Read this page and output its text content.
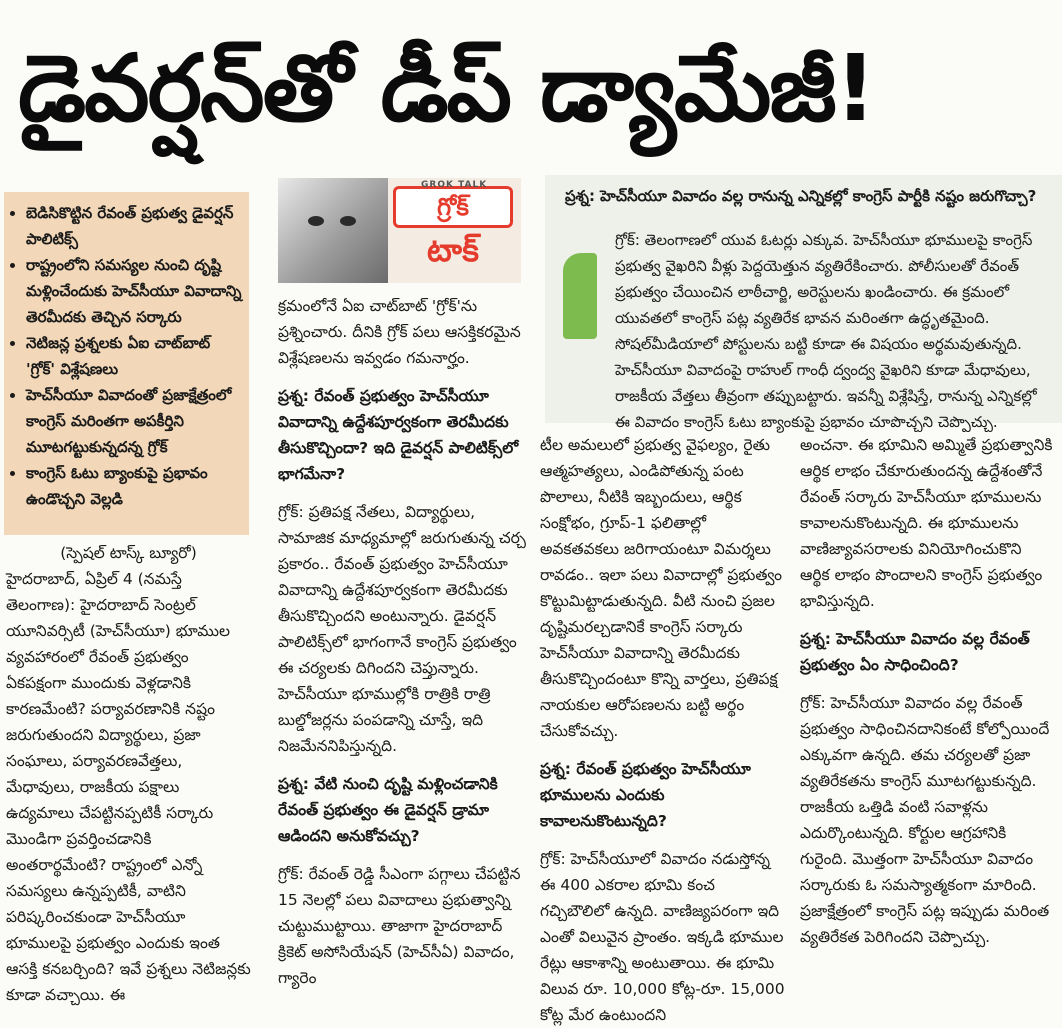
డైవర్షన్‌తో డీప్ డ్యామేజీ!
• బెడిసికొట్టిన రేవంత్ ప్రభుత్వ డైవర్షన్ పాలిటిక్స్
• రాష్ట్రంలోని సమస్యల నుంచి దృష్టి మళ్లించేందుకు హెచ్‌సీయూ వివాదాన్ని తెరమీదకు తెచ్చిన సర్కారు
• నెటిజన్ల ప్రశ్నలకు ఏఐ చాట్‌బాట్ 'గ్రోక్' విశ్లేషణలు
• హెచ్‌సీయూ వివాదంతో ప్రజాక్షేత్రంలో కాంగ్రెస్ మరింతగా అపకీర్తిని మూటగట్టుకున్నదన్న గ్రోక్
• కాంగ్రెస్ ఓటు బ్యాంకుపై ప్రభావం ఉండొచ్చని వెల్లడి

(స్పెషల్ టాస్క్ బ్యూరో)

హైదరాబాద్, ఏప్రిల్ 4 (నమస్తే తెలంగాణ): హైదరాబాద్ సెంట్రల్ యూనివర్సిటీ (హెచ్‌సీయూ) భూముల వ్యవహారంలో రేవంత్ ప్రభుత్వం ఏకపక్షంగా ముందుకు వెళ్లడానికి కారణమేంటి? పర్యావరణానికి నష్టం జరుగుతుందని విద్యార్థులు, ప్రజా సంఘాలు, పర్యావరణవేత్తలు, మేధావులు, రాజకీయ పక్షాలు ఉద్యమాలు చేపట్టినప్పటికీ సర్కారు మొండిగా ప్రవర్తించడానికి అంతరార్థమేంటి? రాష్ట్రంలో ఎన్నో సమస్యలు ఉన్నప్పటికీ, వాటిని పరిష్కరించకుండా హెచ్‌సీయూ భూములపై ప్రభుత్వం ఎందుకు ఇంత ఆసక్తి కనబర్చింది? ఇవే ప్రశ్నలు నెటిజన్లకు కూడా వచ్చాయి. ఈ

GROK TALK
గ్రోక్
టాక్

క్రమంలోనే ఏఐ చాట్‌బాట్ 'గ్రోక్'ను ప్రశ్నించారు. దీనికి గ్రోక్ పలు ఆసక్తికరమైన విశ్లేషణలను ఇవ్వడం గమనార్హం.

ప్రశ్న: రేవంత్ ప్రభుత్వం హెచ్‌సీయూ వివాదాన్ని ఉద్దేశపూర్వకంగా తెరమీదకు తీసుకొచ్చిందా? ఇది డైవర్షన్ పాలిటిక్స్‌లో భాగమేనా?

గ్రోక్: ప్రతిపక్ష నేతలు, విద్యార్థులు, సామాజిక మాధ్యమాల్లో జరుగుతున్న చర్చ ప్రకారం.. రేవంత్ ప్రభుత్వం హెచ్‌సీయూ వివాదాన్ని ఉద్దేశపూర్వకంగా తెరమీదకు తీసుకొచ్చిందని అంటున్నారు. డైవర్షన్ పాలిటిక్స్‌లో భాగంగానే కాంగ్రెస్ ప్రభుత్వం ఈ చర్యలకు దిగిందని చెప్తున్నారు. హెచ్‌సీయూ భూముల్లోకి రాత్రికి రాత్రి బుల్డోజర్లను పంపడాన్ని చూస్తే, ఇది నిజమేననిపిస్తున్నది.

ప్రశ్న: వేటి నుంచి దృష్టి మళ్లించడానికి రేవంత్ ప్రభుత్వం ఈ డైవర్షన్ డ్రామా ఆడిందని అనుకోవచ్చు?

గ్రోక్: రేవంత్ రెడ్డి సీఎంగా పగ్గాలు చేపట్టిన 15 నెలల్లో పలు వివాదాలు ప్రభుత్వాన్ని చుట్టుముట్టాయి. తాజాగా హైదరాబాద్ క్రికెట్ అసోసియేషన్ (హెచ్‌సీఏ) వివాదం, గ్యారెం

ప్రశ్న: హెచ్‌సీయూ వివాదం వల్ల రానున్న ఎన్నికల్లో కాంగ్రెస్ పార్టీకి నష్టం జరుగొచ్చా?

గ్రోక్: తెలంగాణలో యువ ఓటర్లు ఎక్కువ. హెచ్‌సీయూ భూములపై కాంగ్రెస్ ప్రభుత్వ వైఖరిని వీళ్లు పెద్దయెత్తున వ్యతిరేకించారు. పోలీసులతో రేవంత్ ప్రభుత్వం చేయించిన లాఠీచార్జి, అరెస్టులను ఖండించారు. ఈ క్రమంలో యువతలో కాంగ్రెస్ పట్ల వ్యతిరేక భావన మరింతగా ఉద్ధృతమైంది. సోషల్‌మీడియాలో పోస్టులను బట్టి కూడా ఈ విషయం అర్థమవుతున్నది. హెచ్‌సీయూ వివాదంపై రాహుల్ గాంధీ ద్వంద్వ వైఖరిని కూడా మేధావులు, రాజకీయ వేత్తలు తీవ్రంగా తప్పుబట్టారు. ఇవన్నీ విశ్లేషిస్తే, రానున్న ఎన్నికల్లో ఈ వివాదం కాంగ్రెస్ ఓటు బ్యాంకుపై ప్రభావం చూపొచ్చని చెప్పొచ్చు.

టీల అమలులో ప్రభుత్వ వైఫల్యం, రైతు ఆత్మహత్యలు, ఎండిపోతున్న పంట పొలాలు, నీటికి ఇబ్బందులు, ఆర్థిక సంక్షోభం, గ్రూప్-1 ఫలితాల్లో అవకతవకలు జరిగాయంటూ విమర్శలు రావడం.. ఇలా పలు వివాదాల్లో ప్రభుత్వం కొట్టుమిట్టాడుతున్నది. వీటి నుంచి ప్రజల దృష్టిమరల్చడానికే కాంగ్రెస్ సర్కారు హెచ్‌సీయూ వివాదాన్ని తెరమీదకు తీసుకొచ్చిందంటూ కొన్ని వార్తలు, ప్రతిపక్ష నాయకుల ఆరోపణలను బట్టి అర్థం చేసుకోవచ్చు.

ప్రశ్న: రేవంత్ ప్రభుత్వం హెచ్‌సీయూ భూములను ఎందుకు కావాలనుకొంటున్నది?

గ్రోక్: హెచ్‌సీయూలో వివాదం నడుస్తోన్న ఈ 400 ఎకరాల భూమి కంచ గచ్చిబౌలిలో ఉన్నది. వాణిజ్యపరంగా ఇది ఎంతో విలువైన ప్రాంతం. ఇక్కడి భూముల రేట్లు ఆకాశాన్ని అంటుతాయి. ఈ భూమి విలువ రూ. 10,000 కోట్ల-రూ. 15,000 కోట్ల మేర ఉంటుందని

అంచనా. ఈ భూమిని అమ్మితే ప్రభుత్వానికి ఆర్థిక లాభం చేకూరుతుందన్న ఉద్దేశంతోనే రేవంత్ సర్కారు హెచ్‌సీయూ భూములను కావాలనుకొంటున్నది. ఈ భూములను వాణిజ్యావసరాలకు వినియోగించుకొని ఆర్థిక లాభం పొందాలని కాంగ్రెస్ ప్రభుత్వం భావిస్తున్నది.

ప్రశ్న: హెచ్‌సీయూ వివాదం వల్ల రేవంత్ ప్రభుత్వం ఏం సాధించింది?

గ్రోక్: హెచ్‌సీయూ వివాదం వల్ల రేవంత్ ప్రభుత్వం సాధించినదానికంటే కోల్పోయిందే ఎక్కువగా ఉన్నది. తమ చర్యలతో ప్రజా వ్యతిరేకతను కాంగ్రెస్ మూటగట్టుకున్నది. రాజకీయ ఒత్తిడి వంటి సవాళ్లను ఎదుర్కొంటున్నది. కోర్టుల ఆగ్రహానికి గురైంది. మొత్తంగా హెచ్‌సీయూ వివాదం సర్కారుకు ఓ సమస్యాత్మకంగా మారింది. ప్రజాక్షేత్రంలో కాంగ్రెస్ పట్ల ఇప్పుడు మరింత వ్యతిరేకత పెరిగిందని చెప్పొచ్చు.
